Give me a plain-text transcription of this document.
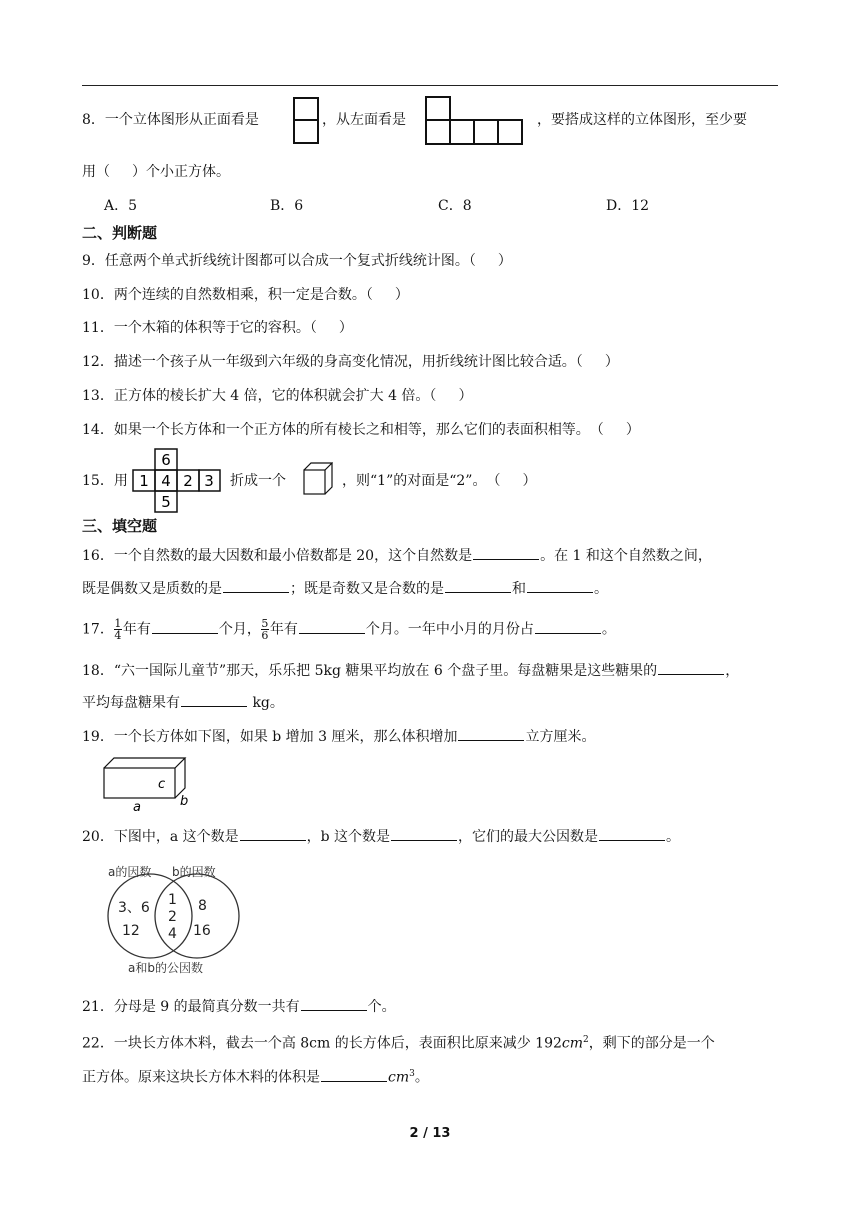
8．一个立体图形从正面看是	，从左面看是	，要搭成这样的立体图形，至少要
用（ ）个小正方体。
A．5	B．6	C．8	D．12
二、判断题
9．任意两个单式折线统计图都可以合成一个复式折线统计图。（ ）
10．两个连续的自然数相乘，积一定是合数。（ ）
11．一个木箱的体积等于它的容积。（ ）
12．描述一个孩子从一年级到六年级的身高变化情况，用折线统计图比较合适。（ ）
13．正方体的棱长扩大 4 倍，它的体积就会扩大 4 倍。（ ）
14．如果一个长方体和一个正方体的所有棱长之和相等，那么它们的表面积相等。　（ ）
15．用
6
1 4 2 3
5
折成一个	，则“1”的对面是“2”。　（ ）
三、填空题
16．一个自然数的最大因数和最小倍数都是 20，这个自然数是	。在 1 和这个自然数之间，
既是偶数又是质数的是	；既是奇数又是合数的是	和	。
17． $\frac{1}{4}$ 年有	个月， $\frac{5}{6}$ 年有	个月。一年中小月的月份占	。
18．“六一国际儿童节”那天，乐乐把 5kg 糖果平均放在 6 个盘子里。每盘糖果是这些糖果的	，
平均每盘糖果有	kg。
19．一个长方体如下图，如果 b 增加 3 厘米，那么体积增加	立方厘米。
c
a	b
20．下图中，a 这个数是	，b 这个数是	，它们的最大公因数是	。
a的因数 b的因数
3、6
12
1
2
4
8
16
a和b的公因数
21．分母是 9 的最简真分数一共有	个。
22．一块长方体木料，截去一个高 8cm 的长方体后，表面积比原来减少 $192cm^2$，剩下的部分是一个
正方体。原来这块长方体木料的体积是	$cm^3$。
2 / 13
